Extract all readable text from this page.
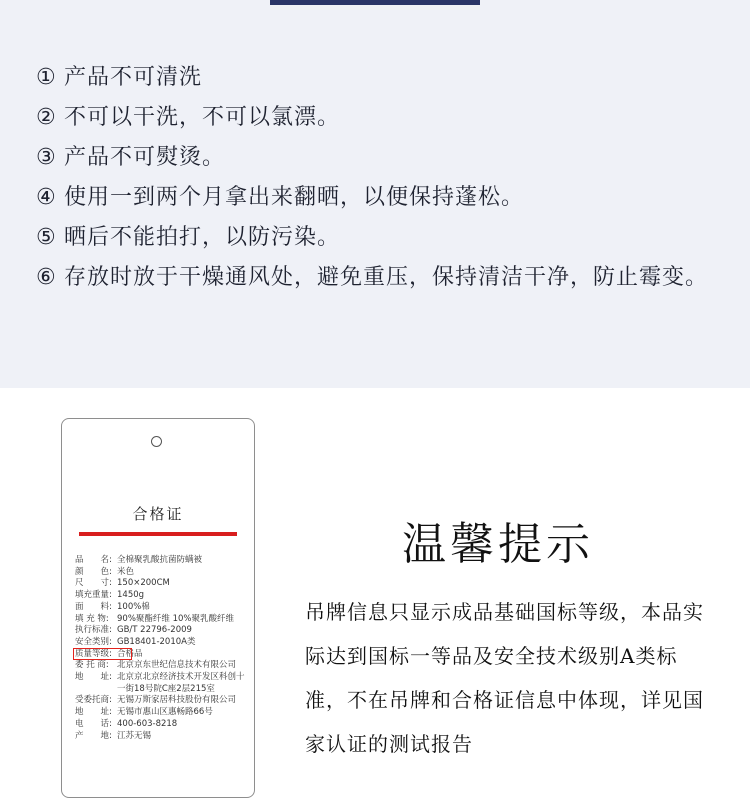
① 产品不可清洗
② 不可以干洗，不可以氯漂。
③ 产品不可熨烫。
④ 使用一到两个月拿出来翻晒，以便保持蓬松。
⑤ 晒后不能拍打，以防污染。
⑥ 存放时放于干燥通风处，避免重压，保持清洁干净，防止霉变。
合格证
品　　名: 全棉聚乳酸抗菌防螨被
颜　　色: 米色
尺　　寸: 150×200CM
填充重量: 1450g
面　　料: 100%棉
填 充 物: 90%聚酯纤维 10%聚乳酸纤维
执行标准: GB/T 22796-2009
安全类别: GB18401-2010A类
质量等级: 合格品
委 托 商: 北京京东世纪信息技术有限公司
地　　址: 北京京北京经济技术开发区科创十一街18号院C座2层215室
受委托商: 无锡万斯家居科技股份有限公司
地　　址: 无锡市惠山区惠畅路66号
电　　话: 400-603-8218
产　　地: 江苏无锡
温馨提示
吊牌信息只显示成品基础国标等级，本品实际达到国标一等品及安全技术级别A类标准，不在吊牌和合格证信息中体现，详见国家认证的测试报告
